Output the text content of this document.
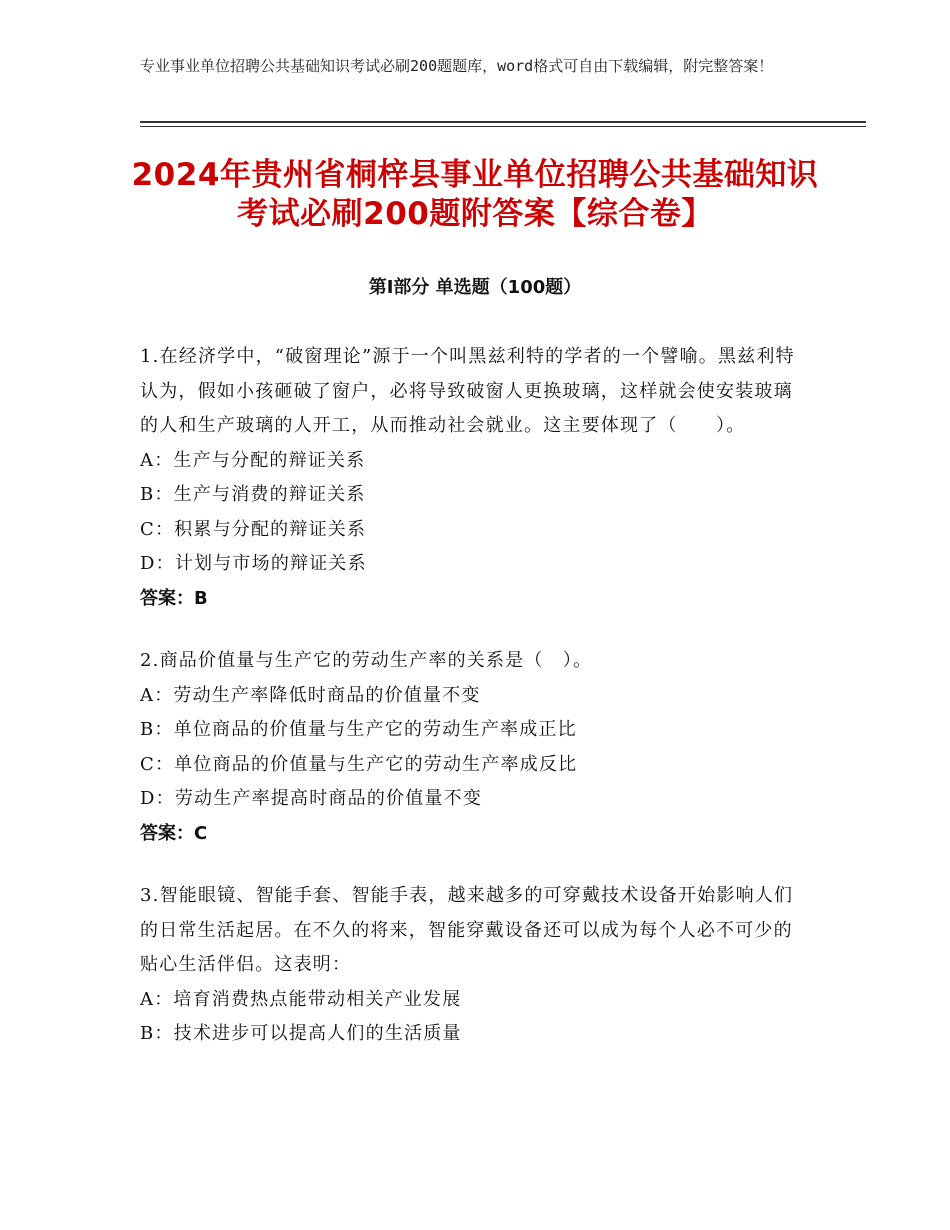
专业事业单位招聘公共基础知识考试必刷200题题库，word格式可自由下载编辑，附完整答案！
2024年贵州省桐梓县事业单位招聘公共基础知识考试必刷200题附答案【综合卷】
第Ⅰ部分 单选题（100题）

1.在经济学中，“破窗理论”源于一个叫黑兹利特的学者的一个譬喻。黑兹利特认为，假如小孩砸破了窗户，必将导致破窗人更换玻璃，这样就会使安装玻璃的人和生产玻璃的人开工，从而推动社会就业。这主要体现了（　　）。

A：生产与分配的辩证关系

B：生产与消费的辩证关系

C：积累与分配的辩证关系

D：计划与市场的辩证关系

答案：B

2.商品价值量与生产它的劳动生产率的关系是（　）。

A：劳动生产率降低时商品的价值量不变

B：单位商品的价值量与生产它的劳动生产率成正比

C：单位商品的价值量与生产它的劳动生产率成反比

D：劳动生产率提高时商品的价值量不变

答案：C

3.智能眼镜、智能手套、智能手表，越来越多的可穿戴技术设备开始影响人们的日常生活起居。在不久的将来，智能穿戴设备还可以成为每个人必不可少的贴心生活伴侣。这表明：

A：培育消费热点能带动相关产业发展

B：技术进步可以提高人们的生活质量
